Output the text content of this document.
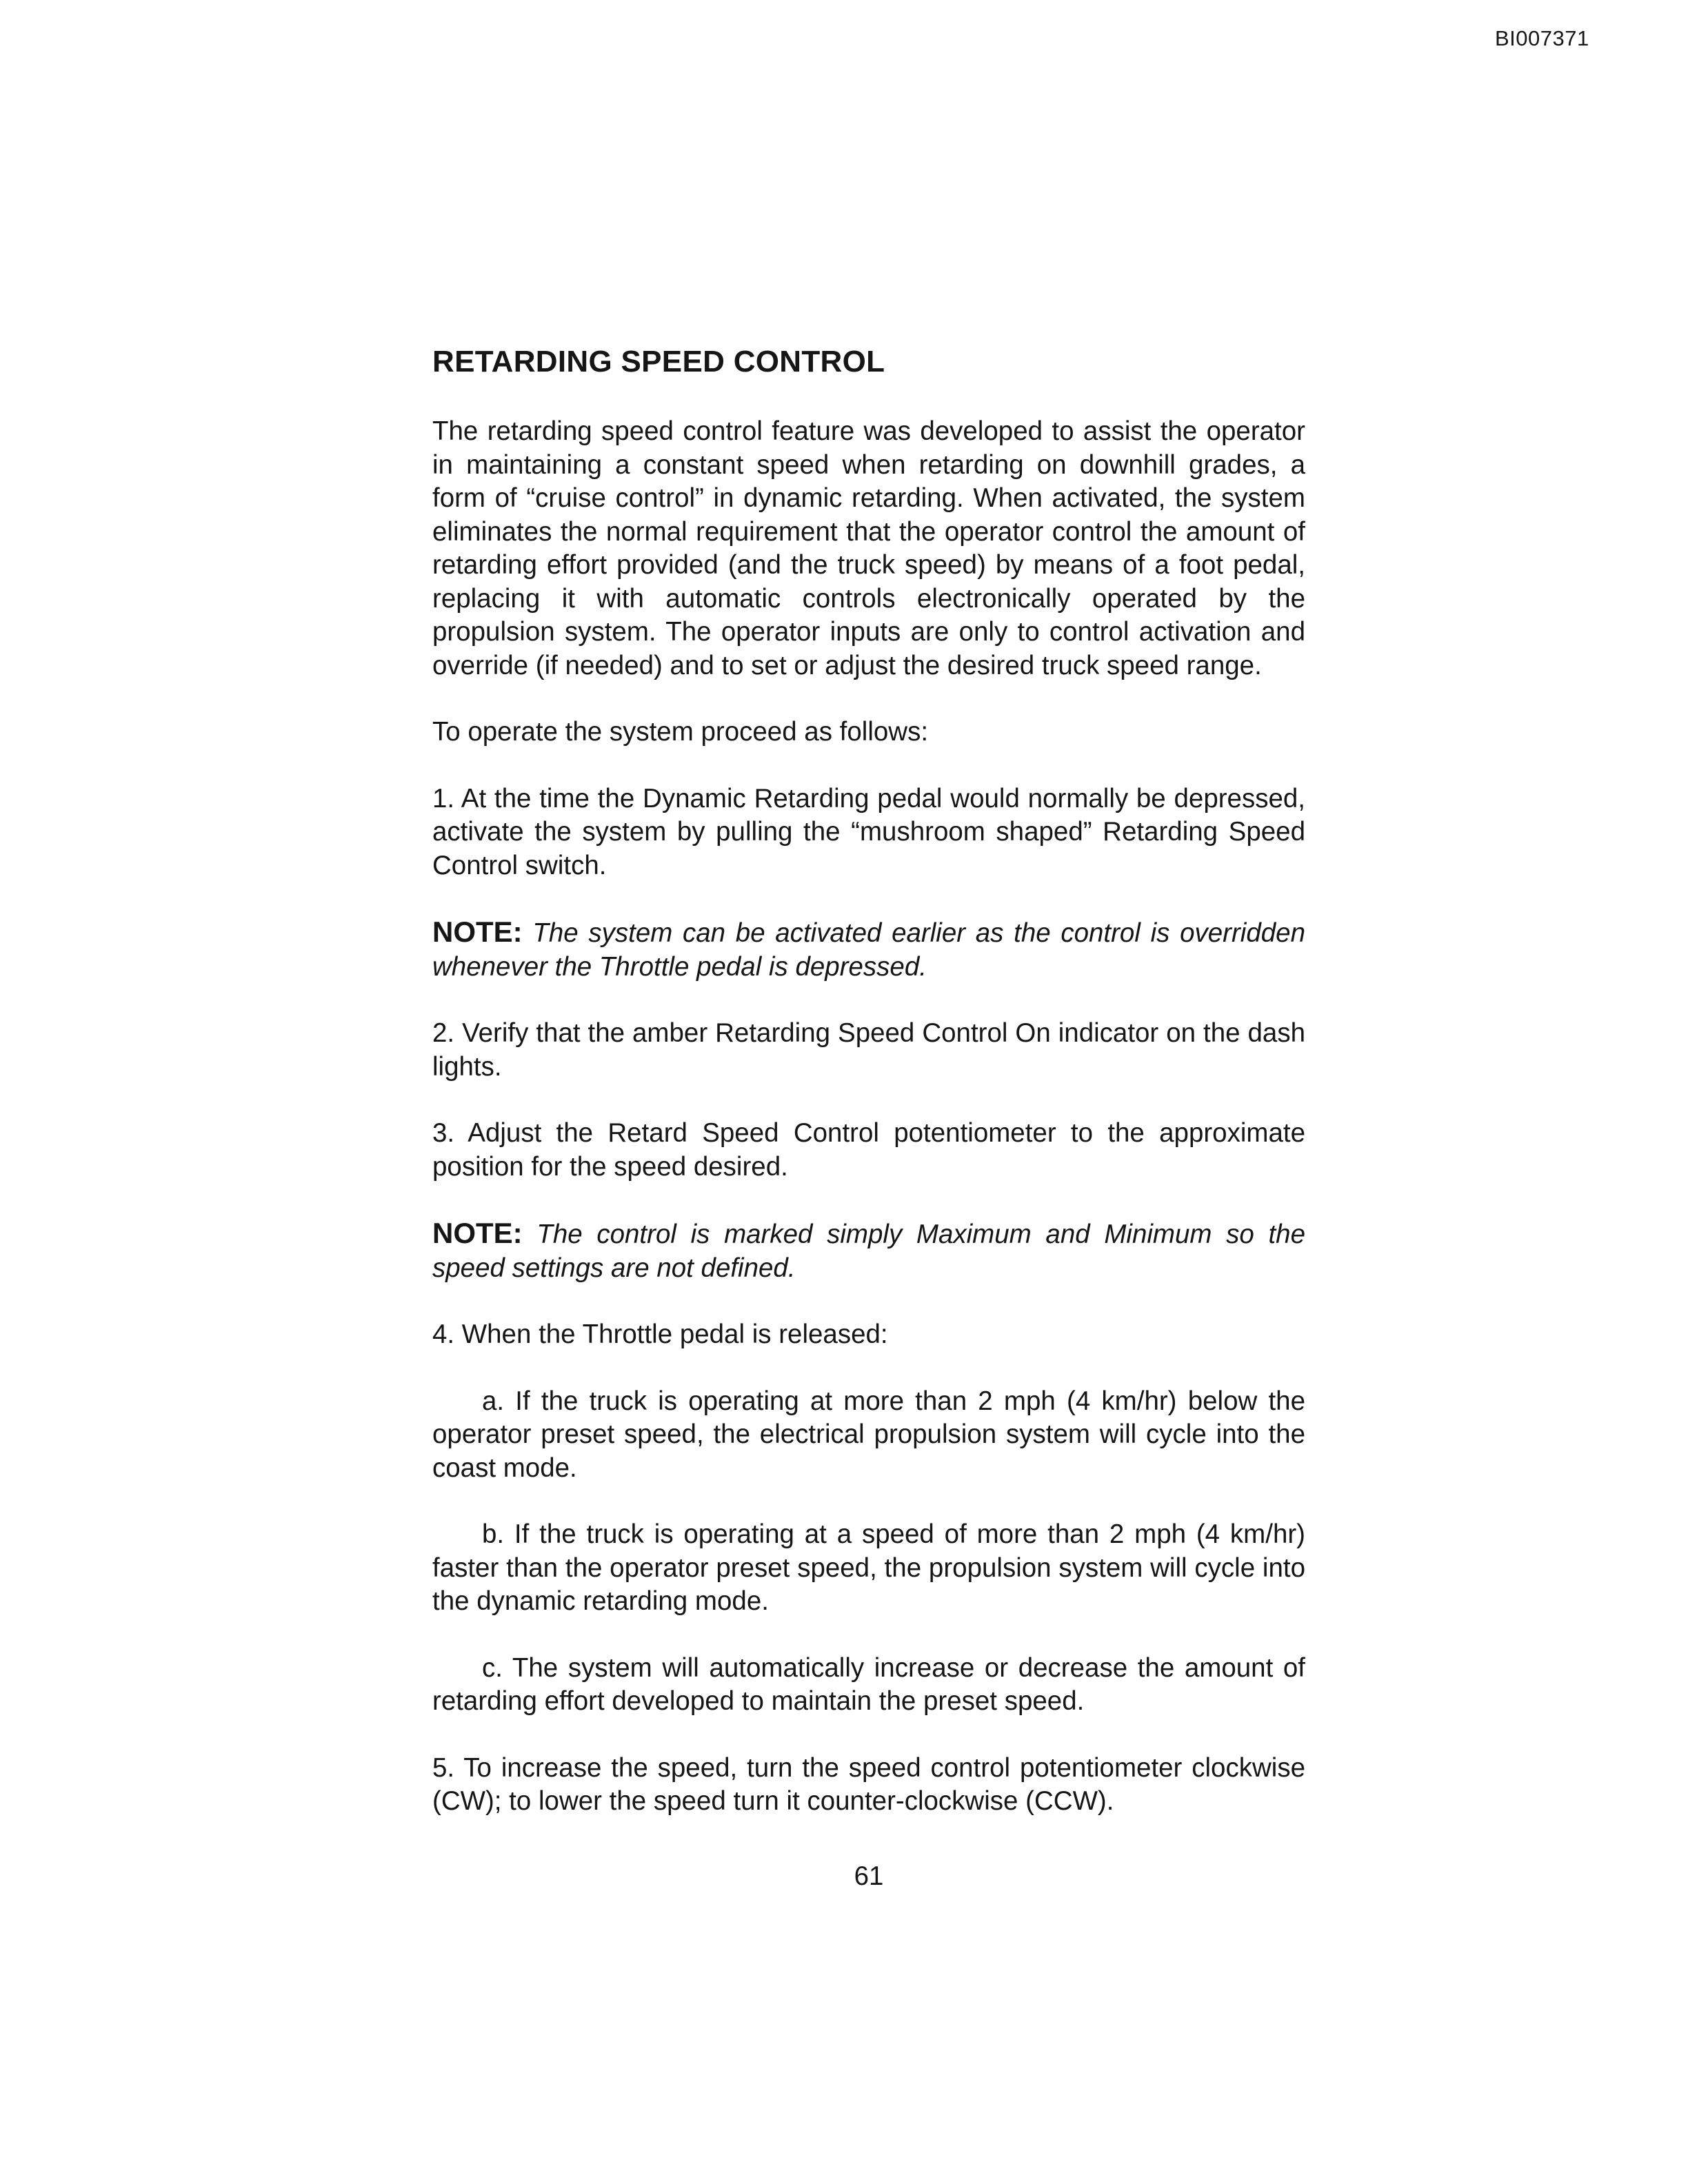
BI007371
RETARDING SPEED CONTROL

The retarding speed control feature was developed to assist the operator in maintaining a constant speed when retarding on downhill grades, a form of “cruise control” in dynamic retarding. When activated, the system eliminates the normal requirement that the operator control the amount of retarding effort provided (and the truck speed) by means of a foot pedal, replacing it with automatic controls electronically operated by the propulsion system. The operator inputs are only to control activation and override (if needed) and to set or adjust the desired truck speed range.

To operate the system proceed as follows:

1. At the time the Dynamic Retarding pedal would normally be depressed, activate the system by pulling the “mushroom shaped” Retarding Speed Control switch.

NOTE: The system can be activated earlier as the control is overridden whenever the Throttle pedal is depressed.

2. Verify that the amber Retarding Speed Control On indicator on the dash lights.

3. Adjust the Retard Speed Control potentiometer to the approximate position for the speed desired.

NOTE: The control is marked simply Maximum and Minimum so the speed settings are not defined.

4. When the Throttle pedal is released:

a. If the truck is operating at more than 2 mph (4 km/hr) below the operator preset speed, the electrical propulsion system will cycle into the coast mode.

b. If the truck is operating at a speed of more than 2 mph (4 km/hr) faster than the operator preset speed, the propulsion system will cycle into the dynamic retarding mode.

c. The system will automatically increase or decrease the amount of retarding effort developed to maintain the preset speed.

5. To increase the speed, turn the speed control potentiometer clockwise (CW); to lower the speed turn it counter-clockwise (CCW).

61
